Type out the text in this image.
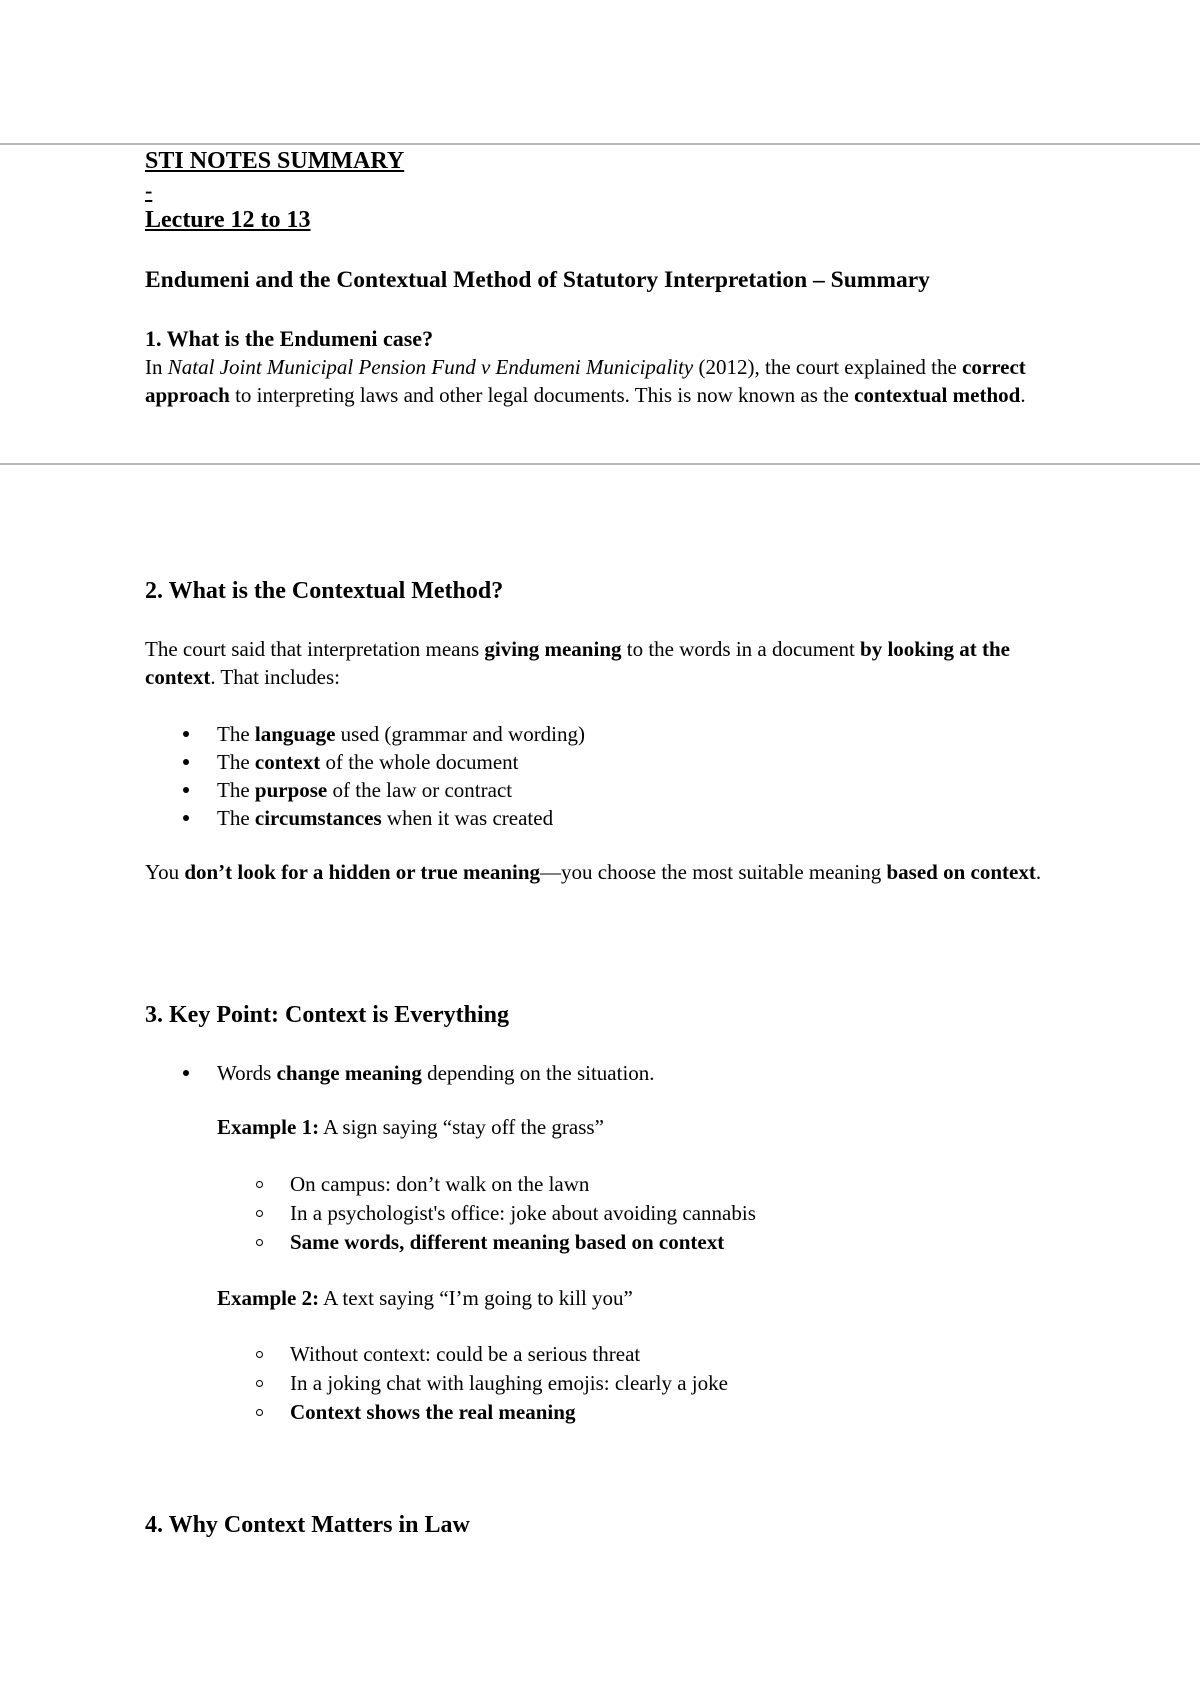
STI NOTES SUMMARY
-
Lecture 12 to 13
Endumeni and the Contextual Method of Statutory Interpretation – Summary
1. What is the Endumeni case?
In Natal Joint Municipal Pension Fund v Endumeni Municipality (2012), the court explained the correct approach to interpreting laws and other legal documents. This is now known as the contextual method.
2. What is the Contextual Method?
The court said that interpretation means giving meaning to the words in a document by looking at the context. That includes:
The language used (grammar and wording)
The context of the whole document
The purpose of the law or contract
The circumstances when it was created
You don’t look for a hidden or true meaning—you choose the most suitable meaning based on context.
3. Key Point: Context is Everything
Words change meaning depending on the situation.
Example 1: A sign saying “stay off the grass”
On campus: don’t walk on the lawn
In a psychologist's office: joke about avoiding cannabis
Same words, different meaning based on context
Example 2: A text saying “I’m going to kill you”
Without context: could be a serious threat
In a joking chat with laughing emojis: clearly a joke
Context shows the real meaning
4. Why Context Matters in Law
